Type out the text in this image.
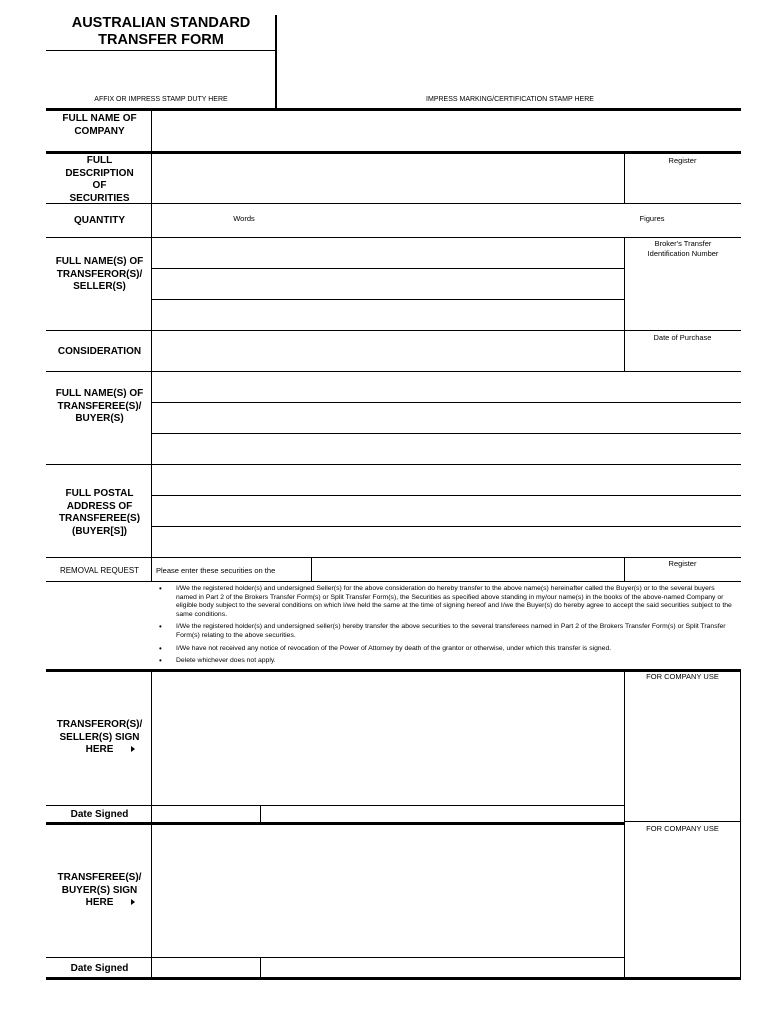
AUSTRALIAN STANDARD
TRANSFER FORM
AFFIX OR IMPRESS STAMP DUTY HERE	IMPRESS MARKING/CERTIFICATION STAMP HERE
FULL NAME OF COMPANY
FULL DESCRIPTION OF SECURITIES
QUANTITY
FULL NAME(S) OF TRANSFEROR(S)/ SELLER(S)
CONSIDERATION
FULL NAME(S) OF TRANSFEREE(S)/ BUYER(S)
FULL POSTAL ADDRESS OF TRANSFEREE(S) (BUYER[S])
REMOVAL REQUEST
Register
Words	Figures
Broker's Transfer Identification Number
Date of Purchase
Please enter these securities on the
Register
• I/We the registered holder(s) and undersigned Seller(s) for the above consideration do hereby transfer to the above name(s) hereinafter called the Buyer(s) or to the several buyers named in Part 2 of the Brokers Transfer Form(s) or Split Transfer Form(s), the Securities as specified above standing in my/our name(s) in the books of the above-named Company or eligible body subject to the several conditions on which I/we held the same at the time of signing hereof and I/we the Buyer(s) do hereby agree to accept the said securities subject to the same conditions.
• I/We the registered holder(s) and undersigned seller(s) hereby transfer the above securities to the several transferees named in Part 2 of the Brokers Transfer Form(s) or Split Transfer Form(s) relating to the above securities.
• I/We have not received any notice of revocation of the Power of Attorney by death of the grantor or otherwise, under which this transfer is signed.
• Delete whichever does not apply.
TRANSFEROR(S)/ SELLER(S) SIGN HERE
TRANSFEREE(S)/ BUYER(S) SIGN HERE
Date Signed
Date Signed
FOR COMPANY USE
FOR COMPANY USE
